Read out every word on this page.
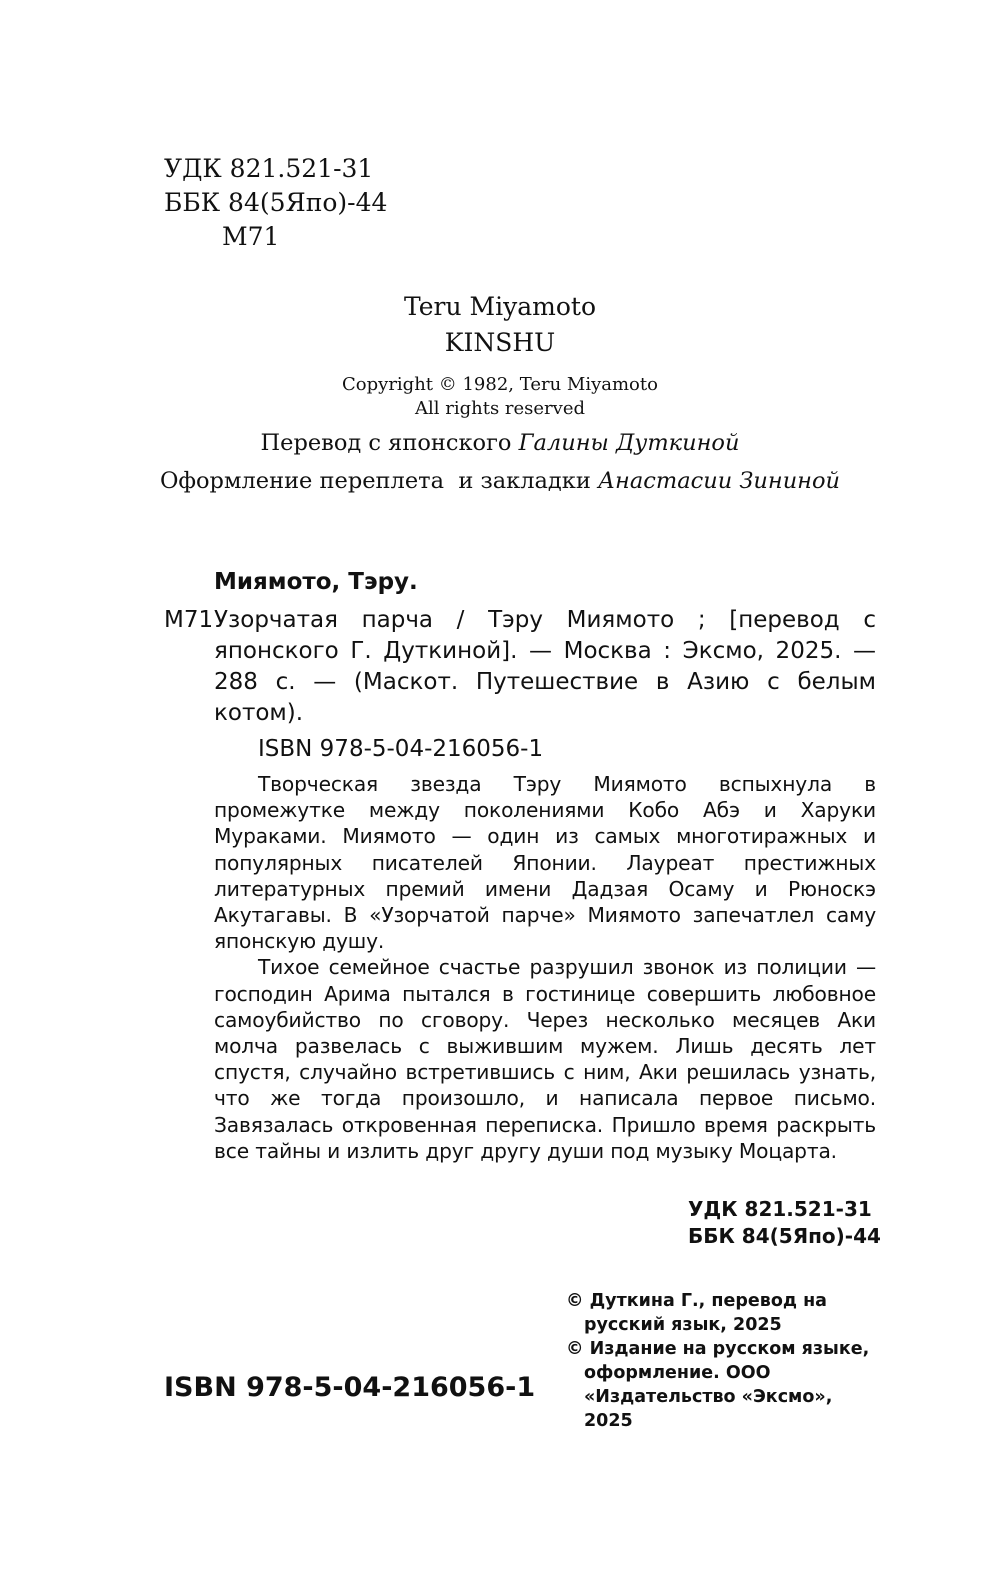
УДК 821.521-31
ББК 84(5Япо)-44
М71
Teru Miyamoto
KINSHU
Copyright © 1982, Teru Miyamoto
All rights reserved
Перевод с японского Галины Дуткиной
Оформление переплета  и закладки Анастасии Зининой
Миямото, Тэру.
М71 Узорчатая парча / Тэру Миямото ; [перевод с японского Г. Дуткиной]. — Москва : Эксмо, 2025. — 288 с. — (Маскот. Путешествие в Азию с белым котом).
ISBN 978-5-04-216056-1

Творческая звезда Тэру Миямото вспыхнула в промежутке между поколениями Кобо Абэ и Харуки Мураками. Миямото — один из самых многотиражных и популярных писателей Японии. Лауреат престижных литературных премий имени Дадзая Осаму и Рюноскэ Акутагавы. В «Узорчатой парче» Миямото запечатлел саму японскую душу.

Тихое семейное счастье разрушил звонок из полиции — господин Арима пытался в гостинице совершить любовное самоубийство по сговору. Через несколько месяцев Аки молча развелась с выжившим мужем. Лишь десять лет спустя, случайно встретившись с ним, Аки решилась узнать, что же тогда произошло, и написала первое письмо. Завязалась откровенная переписка. Пришло время раскрыть все тайны и излить друг другу души под музыку Моцарта.

УДК 821.521-31
ББК 84(5Япо)-44
© Дуткина Г., перевод на русский язык, 2025
© Издание на русском языке, оформление. ООО «Издательство «Эксмо», 2025
ISBN 978-5-04-216056-1
